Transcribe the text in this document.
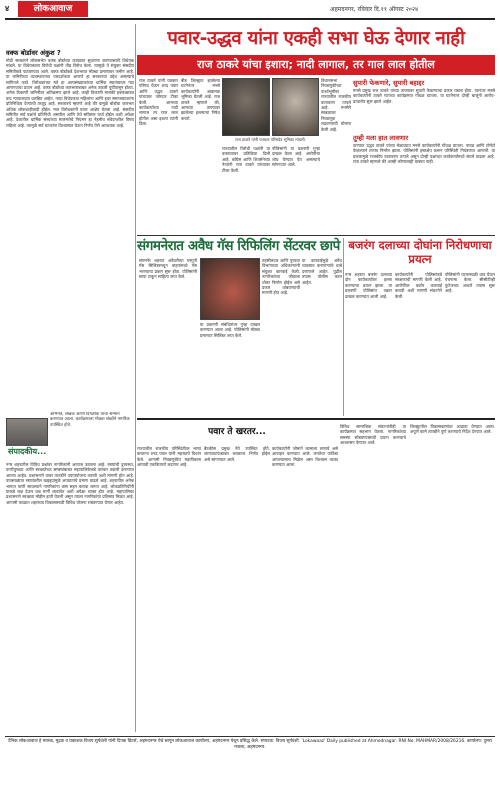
४	लोकआवाज	अहमदनगर, रविवार दि.११ ऑगस्ट २०२४
वक्फ बोर्डावर अंकुश ?
मोदी सरकारने लोकसभेत वक्फ बोर्डाच्या कायद्यात सुधारणा करण्यासाठी विधेयक मांडले. या विधेयकाला विरोधी पक्षांनी तीव्र विरोध केला. त्यामुळे ते संयुक्त संसदीय समितीकडे पाठवण्यात आले. वक्फ बोर्डाकडे देशभरात मोठ्या प्रमाणावर जमीन आहे. या जमिनीच्या व्यवस्थापनात पारदर्शकता आणणे हा सरकारचा उद्देश असल्याचे सांगितले जाते. विरोधकांच्या मते हा अल्पसंख्याकांच्या धार्मिक स्वातंत्र्यावर गदा आणण्याचा प्रयत्न आहे. वक्फ बोर्डाच्या कारभाराबाबत अनेक तक्रारी पूर्वीपासून होत्या. अनेक ठिकाणी जमिनींवर अतिक्रमण झाले आहे. काही ठिकाणी मालकी हक्काबाबत वाद न्यायालयात प्रलंबित आहेत. नव्या विधेयकात महिलांना आणि इतर समाजघटकांना प्रतिनिधित्व देण्याची तरतूद आहे. सरकारचे म्हणणे आहे की यामुळे बोर्डाचा कारभार अधिक लोकशाहीवादी होईल. मात्र विरोधकांनी यावर आक्षेप घेतला आहे. संसदीय समितीत सर्व पक्षांचे प्रतिनिधी असतील आणि तेथे सविस्तर चर्चा होईल अशी अपेक्षा आहे. देशातील धार्मिक संस्थांच्या मालमत्तेचे नियमन हा नेहमीच संवेदनशील विषय राहिला आहे. त्यामुळे सर्व घटकांना विश्वासात घेऊन निर्णय घेणे आवश्यक आहे.
अभिनेते, लेखक आणि दिग्दर्शक यांचा सन्मान करण्यात आला. कार्यक्रमाला मोठ्या संख्येने नागरिक उपस्थित होते.
संपादकीय...
नगर शहरातील विविध प्रश्नांवर नागरिकांनी आवाज उठवला आहे. रस्त्यांची दुरवस्था, पाणीपुरवठा आणि स्वच्छतेच्या समस्यांबाबत महापालिकेकडे वारंवार तक्रारी करण्यात आल्या आहेत. प्रशासनाने यावर तातडीने उपाययोजना करावी अशी मागणी होत आहे. पावसाळ्यात रस्त्यांवरील खड्ड्यांमुळे अपघातांचे प्रमाण वाढले आहे. शहरातील अनेक भागात पाणी साचल्याने नागरिकांना त्रास सहन करावा लागत आहे. लोकप्रतिनिधींनी याकडे लक्ष देऊन प्रश्न मार्गी लावावेत अशी अपेक्षा व्यक्त होत आहे. महापालिका प्रशासनाने स्वच्छता मोहीम हाती घेतली असून त्याला नागरिकांचा प्रतिसाद मिळत आहे. आगामी काळात शहराच्या विकासासाठी विविध योजना राबवण्यात येणार आहेत.
पवार-उद्धव यांना एकही सभा घेऊ देणार नाही
राज ठाकरे यांचा इशारा; नादी लागाल, तर गाल लाल होतील
राज ठाकरे यांनी पत्रकार परिषद घेऊन शरद पवार आणि उद्धव ठाकरे यांच्यावर जोरदार टीका केली. आमच्या कार्यकर्त्यांच्या नादी लागाल तर गाल लाल होतील असा इशारा त्यांनी दिला.
बीड जिल्ह्यात झालेल्या घटनेनंतर मनसे कार्यकर्त्यांनी आक्रमक भूमिका घेतली आहे. राज ठाकरे म्हणाले की, आमच्या ताफ्यावर झालेल्या हल्ल्याचा निषेध करतो.
राज ठाकरे यांनी पत्रकार परिषदेत भूमिका मांडली.
राज्यातील विरोधी पक्षांनी या वक्तव्यावर प्रतिक्रिया दिली आहे. काँग्रेस आणि शिवसेनेच्या नेत्यांनी राज ठाकरे यांच्यावर टीका केली.
पोलिसांनी या प्रकरणी गुन्हा दाखल केला आहे. आरोपींचा शोध घेण्यात येत असल्याचे सांगण्यात आले.
विधानसभा निवडणुकीच्या पार्श्वभूमीवर राज्यातील राजकीय वातावरण तापले आहे. मनसेने स्वबळावर निवडणूक लढवण्याची घोषणा केली आहे.
सुपारी फेकणारे, सुपारी बहाद्दर
मनसे प्रमुख राज ठाकरे यांच्या ताफ्यावर सुपारी फेकण्याचा प्रकार घडला होता. त्यानंतर मनसे कार्यकर्त्यांनी ठाकरे गटाच्या कार्यक्रमात गोंधळ घातला. या घटनेनंतर दोन्ही बाजूंनी आरोप-प्रत्यारोप सुरू झाले आहेत.
तुम्ही मला हात लावणार
ठाण्यात उद्धव ठाकरे यांच्या मेळाव्यात मनसे कार्यकर्त्यांनी गोंधळ घातला. नारळ आणि टोमॅटो फेकल्याने तणाव निर्माण झाला. पोलिसांनी हस्तक्षेप करून परिस्थिती नियंत्रणात आणली. या प्रकारामुळे राजकीय वातावरण तापले असून दोन्ही पक्षांच्या कार्यकर्त्यांमध्ये संघर्ष वाढला आहे. राज ठाकरे म्हणाले की आम्ही कोणालाही घाबरत नाही.
संगमनेरात अवैध गॅस रिफिलिंग सेंटरवर छापे
संगमनेर शहरात अवैधरीत्या घरगुती गॅस सिलिंडरमधून वाहनांमध्ये गॅस भरण्याचा प्रकार सुरू होता. पोलिसांनी छापा टाकून साहित्य जप्त केले.
या प्रकरणी संबंधितांवर गुन्हा दाखल करण्यात आला आहे. पोलिसांनी मोठ्या प्रमाणात सिलिंडर जप्त केले.
तहसीलदार आणि पुरवठा विभागाच्या अधिकाऱ्यांनी संयुक्त कारवाई केली. नागरिकांच्या जीवाला धोका निर्माण होईल असे प्रकार थांबवण्याची मागणी होत आहे.
या कारवाईमुळे अवैध व्यवसाय करणाऱ्यांचे धाबे दणाणले आहेत. पुढील तपास पोलीस करत आहेत.
बजरंग दलाच्या दोघांना निरोधणाचा प्रयत्न
नगर शहरात बजरंग दलाच्या दोन कार्यकर्त्यांवर हल्ला करण्याचा प्रयत्न झाला. या प्रकरणी पोलिसांत तक्रार दाखल करण्यात आली आहे.
कार्यकर्त्यांनी पोलिसांकडे संरक्षणाची मागणी केली आहे. आरोपींवर कठोर कारवाई करावी अशी मागणी संघटनेने केली.
पोलिसांनी घटनास्थळी धाव घेऊन पंचनामा केला. सीसीटीव्ही फुटेजच्या आधारे तपास सुरू आहे.
पवार ते खरतर...
राज्यातील राजकीय परिस्थितीवर भाष्य करताना शरद पवार यांनी महत्त्वाचे विधान केले. आगामी निवडणुकीत महाविकास आघाडी एकत्रितपणे लढणार आहे.
बैठकीस प्रमुख नेते उपस्थित होते. जागावाटपाबाबत लवकरच निर्णय होईल असे सांगण्यात आले.
कार्यकर्त्यांनी जोमाने कामाला लागावे असे आवाहन करण्यात आले. जनतेचा पाठिंबा आपल्यालाच मिळेल असा विश्वास व्यक्त करण्यात आला.
विविध सामाजिक संघटनांनीही या कार्यक्रमात सहभाग घेतला. नागरिकांच्या समस्या सोडवण्यासाठी प्रयत्न करण्याचे आश्वासन देण्यात आले.
जिल्ह्यातील विकासकामांचा आढावा घेण्यात आला. अपूर्ण कामे तातडीने पूर्ण करण्याचे निर्देश देण्यात आले.
दैनिक लोकआवाज हे मालक, मुद्रक व प्रकाशक विजय सुर्यवंशी यांनी दिपक प्रिंटर्स, अहमदनगर येथे छापून लोकआवाज कार्यालय, अहमदनगर येथून प्रसिद्ध केले. संपादक: विजय सुर्यवंशी. 'Lokawaaz' Daily published at Ahmednagar. RNI No. MAHMAR/2008/26216. कार्यालय: दुसरा मजला, अहमदनगर.
